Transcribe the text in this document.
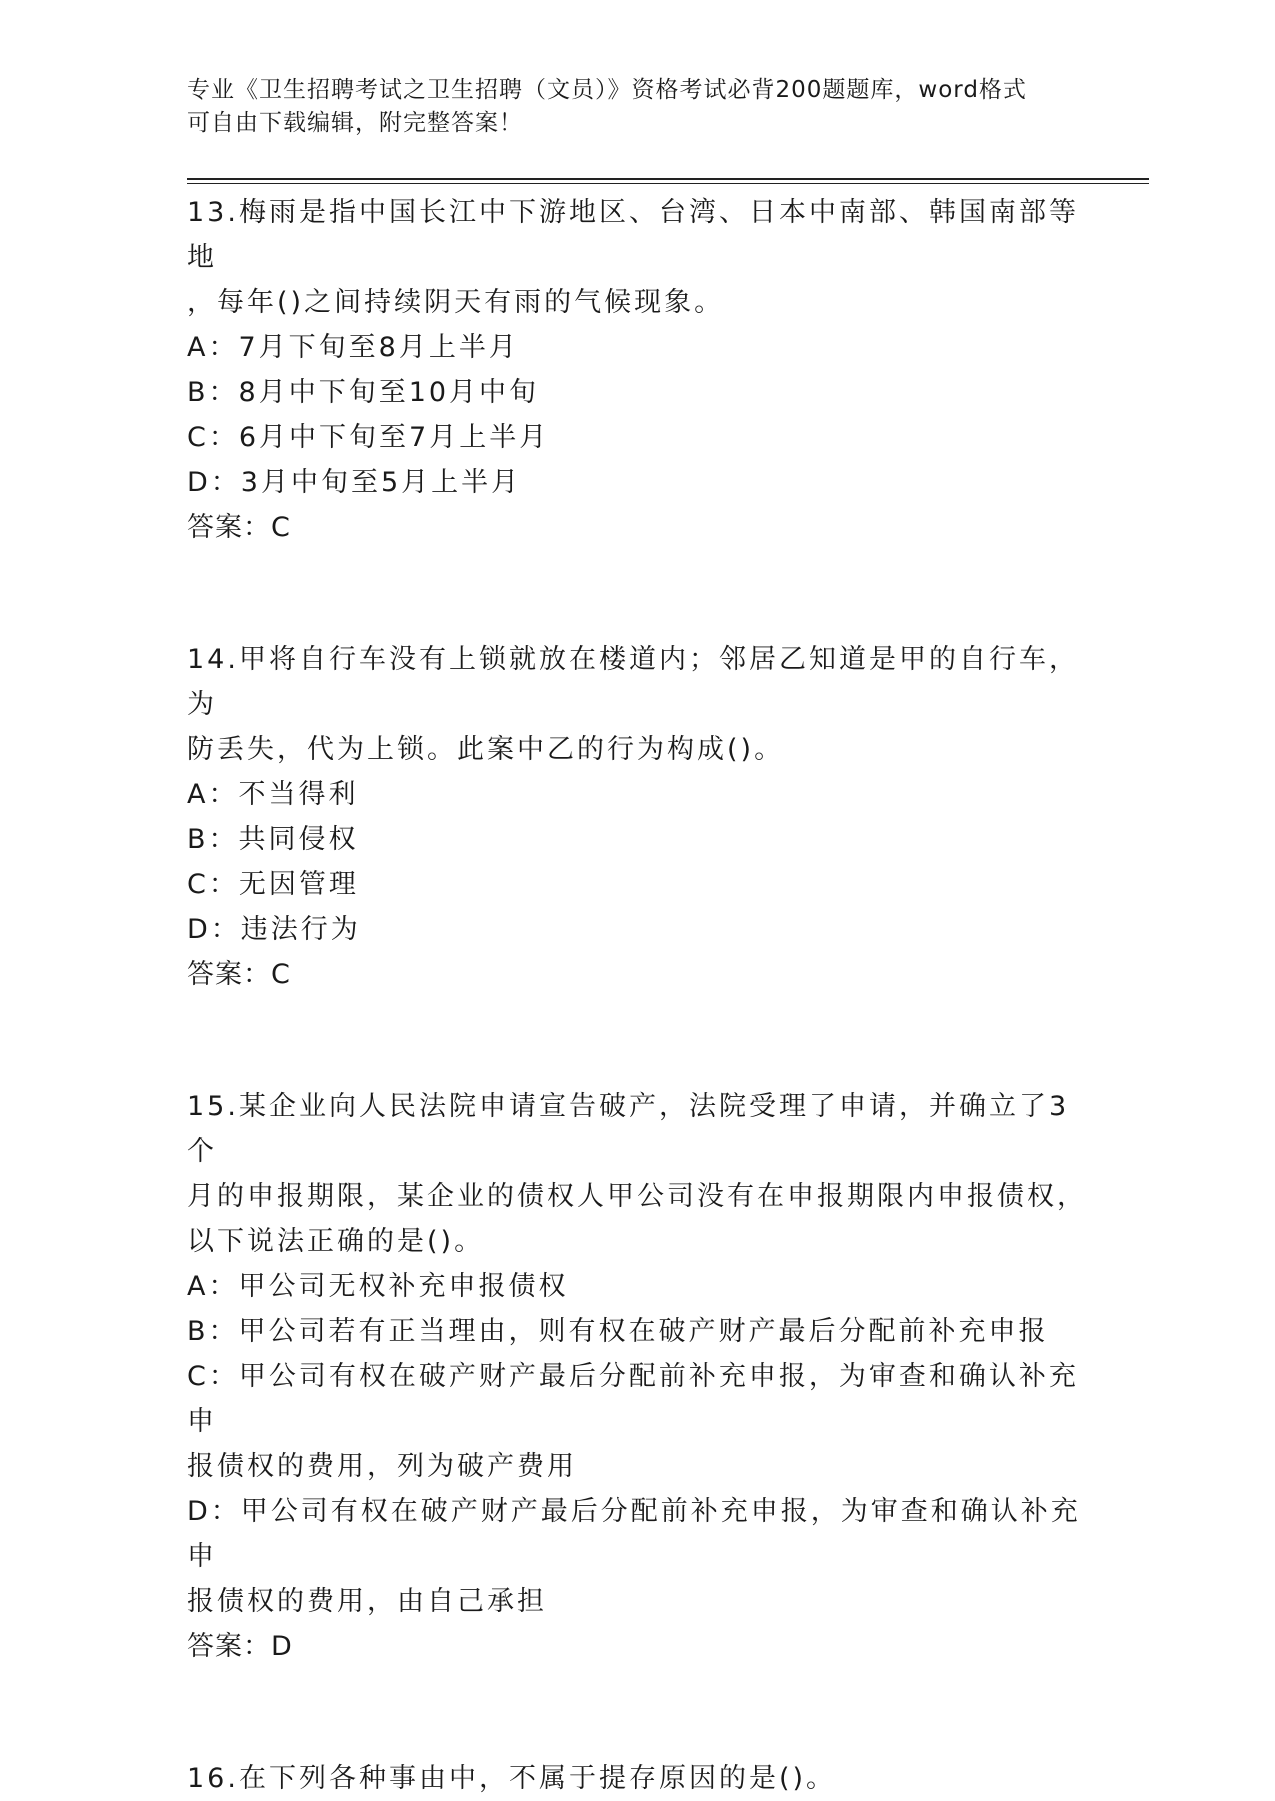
专业《卫生招聘考试之卫生招聘（文员）》资格考试必背200题题库，word格式
可自由下载编辑，附完整答案！
13.梅雨是指中国长江中下游地区、台湾、日本中南部、韩国南部等地
，每年()之间持续阴天有雨的气候现象。
A：7月下旬至8月上半月
B：8月中下旬至10月中旬
C：6月中下旬至7月上半月
D：3月中旬至5月上半月
答案：C
14.甲将自行车没有上锁就放在楼道内；邻居乙知道是甲的自行车，为
防丢失，代为上锁。此案中乙的行为构成()。
A：不当得利
B：共同侵权
C：无因管理
D：违法行为
答案：C
15.某企业向人民法院申请宣告破产，法院受理了申请，并确立了3个
月的申报期限，某企业的债权人甲公司没有在申报期限内申报债权，
以下说法正确的是()。
A：甲公司无权补充申报债权
B：甲公司若有正当理由，则有权在破产财产最后分配前补充申报
C：甲公司有权在破产财产最后分配前补充申报，为审查和确认补充申
报债权的费用，列为破产费用
D：甲公司有权在破产财产最后分配前补充申报，为审查和确认补充申
报债权的费用，由自己承担
答案：D
16.在下列各种事由中，不属于提存原因的是()。
